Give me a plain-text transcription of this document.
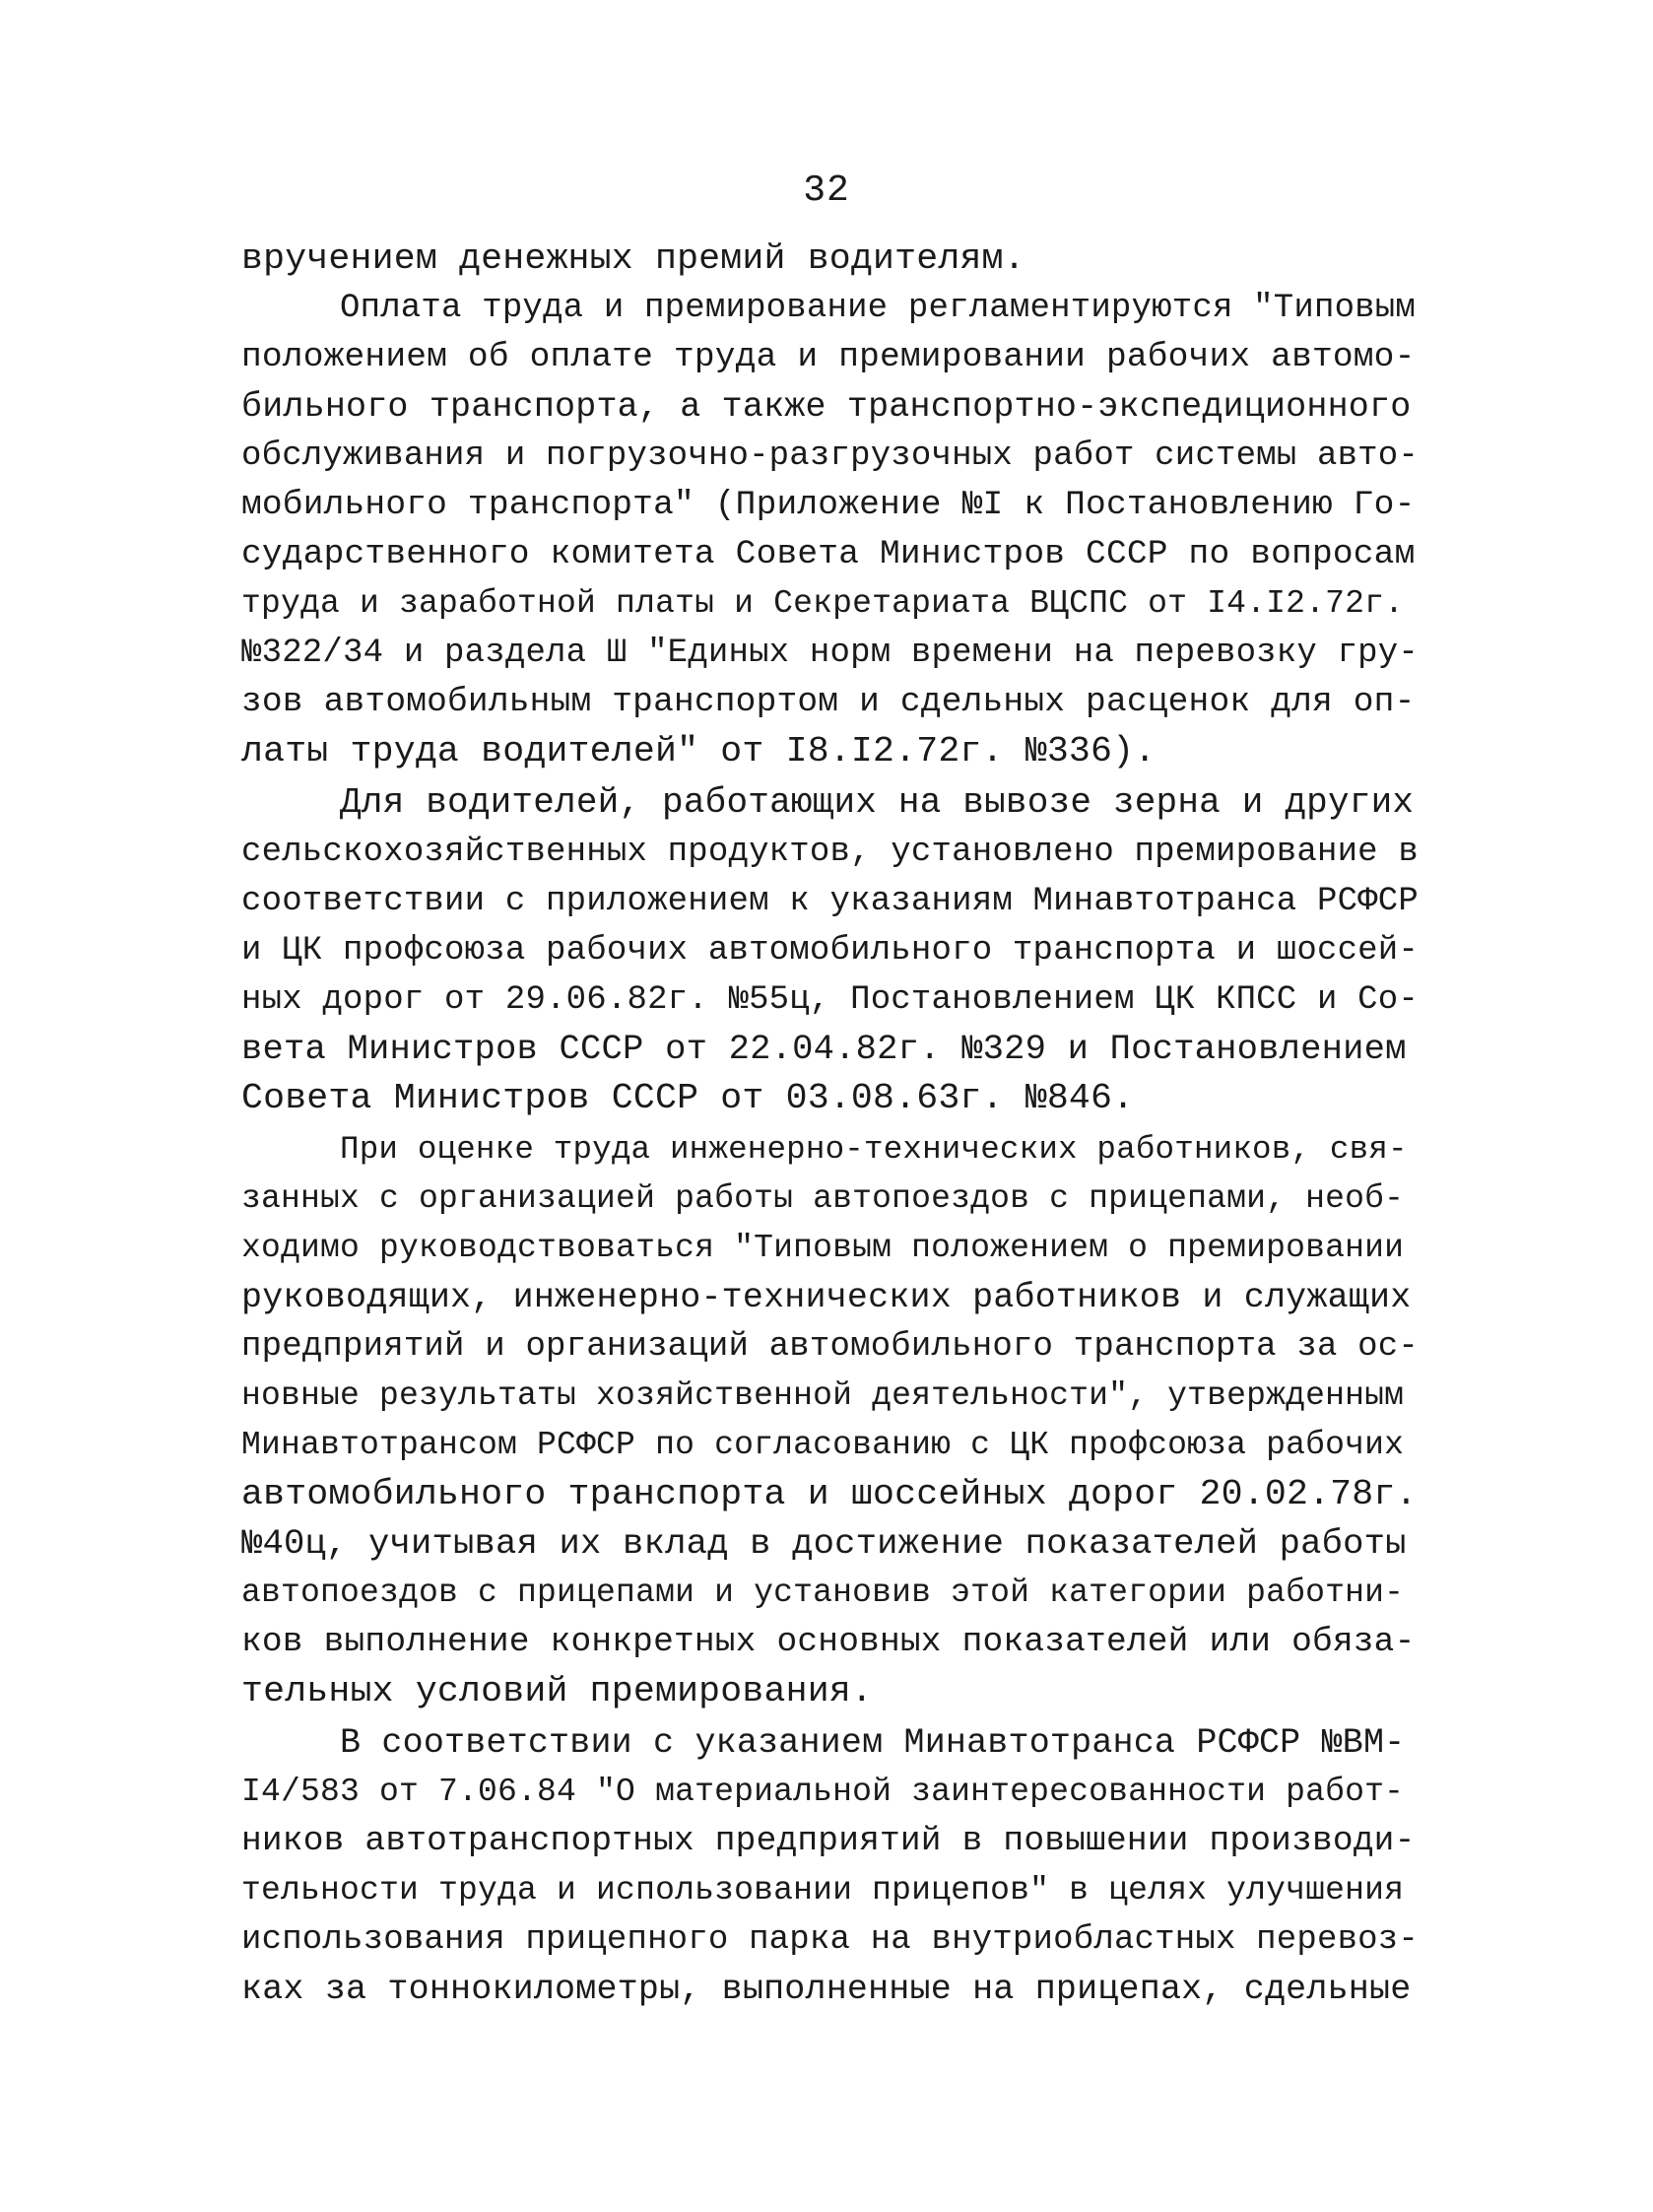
32
вручением денежных премий водителям.
Оплата труда и премирование регламентируются "Типовым
положением об оплате труда и премировании рабочих автомо-
бильного транспорта, а также транспортно-экспедиционного
обслуживания и погрузочно-разгрузочных работ системы авто-
мобильного транспорта" (Приложение №I к Постановлению Го-
сударственного комитета Совета Министров СССР по вопросам
труда и заработной платы и Секретариата ВЦСПС от I4.I2.72г.
№322/34 и раздела Ш "Единых норм времени на перевозку гру-
зов автомобильным транспортом и сдельных расценок для оп-
латы труда водителей" от I8.I2.72г. №336).
Для водителей, работающих на вывозе зерна и других
сельскохозяйственных продуктов, установлено премирование в
соответствии с приложением к указаниям Минавтотранса РСФСР
и ЦК профсоюза рабочих автомобильного транспорта и шоссей-
ных дорог от 29.06.82г. №55ц, Постановлением ЦК КПСС и Со-
вета Министров СССР от 22.04.82г. №329 и Постановлением
Совета Министров СССР от 03.08.63г. №846.
При оценке труда инженерно-технических работников, свя-
занных с организацией работы автопоездов с прицепами, необ-
ходимо руководствоваться "Типовым положением о премировании
руководящих, инженерно-технических работников и служащих
предприятий и организаций автомобильного транспорта за ос-
новные результаты хозяйственной деятельности", утвержденным
Минавтотрансом РСФСР по согласованию с ЦК профсоюза рабочих
автомобильного транспорта и шоссейных дорог 20.02.78г.
№40ц, учитывая их вклад в достижение показателей работы
автопоездов с прицепами и установив этой категории работни-
ков выполнение конкретных основных показателей или обяза-
тельных условий премирования.
В соответствии с указанием Минавтотранса РСФСР №ВМ-
I4/583 от 7.06.84 "О материальной заинтересованности работ-
ников автотранспортных предприятий в повышении производи-
тельности труда и использовании прицепов" в целях улучшения
использования прицепного парка на внутриобластных перевоз-
ках за тоннокилометры, выполненные на прицепах, сдельные
